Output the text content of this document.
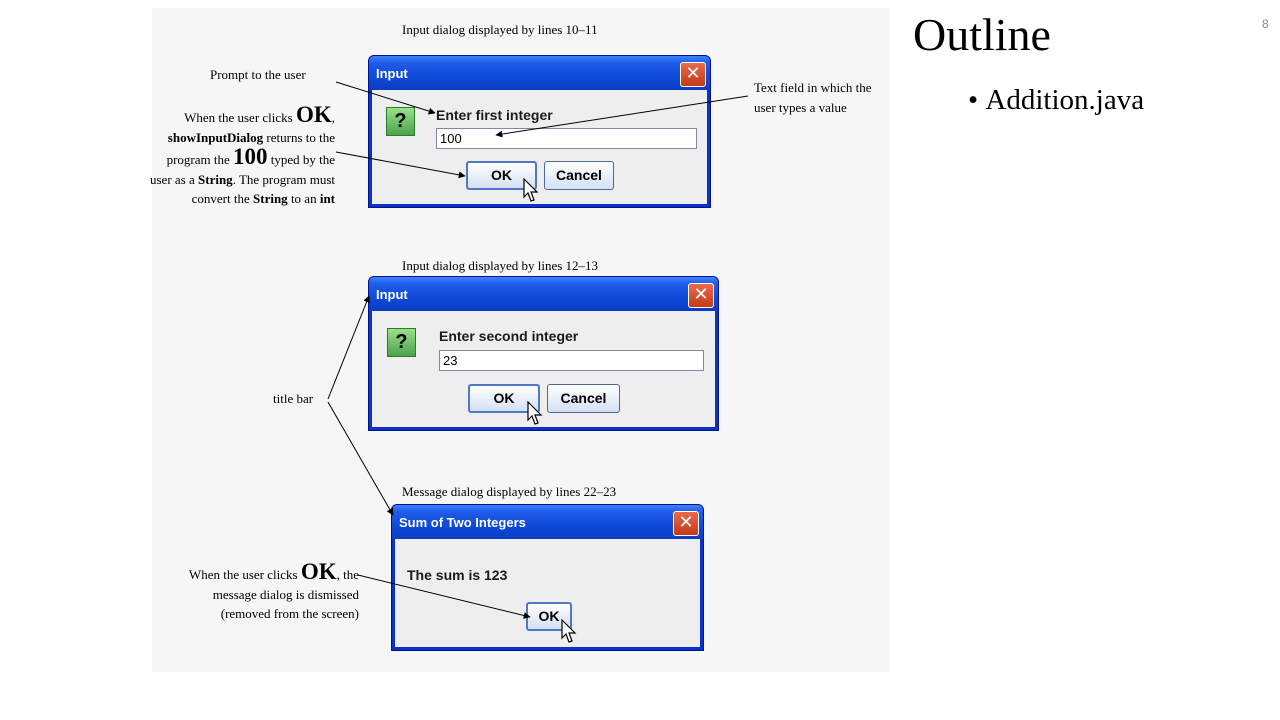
Input dialog displayed by lines 10–11
Input dialog displayed by lines 12–13
Message dialog displayed by lines 22–23
Prompt to the user
Text field in which the user types a value
When the user clicks OK, showInputDialog returns to the program the 100 typed by the user as a String. The program must convert the String to an int
title bar
When the user clicks OK, the message dialog is dismissed (removed from the screen)
Input	✕
?	Enter first integer
100
OK	Cancel
Input	✕
?	Enter second integer
23
OK	Cancel
Sum of Two Integers	✕
The sum is 123
OK
Outline
• Addition.java
8
